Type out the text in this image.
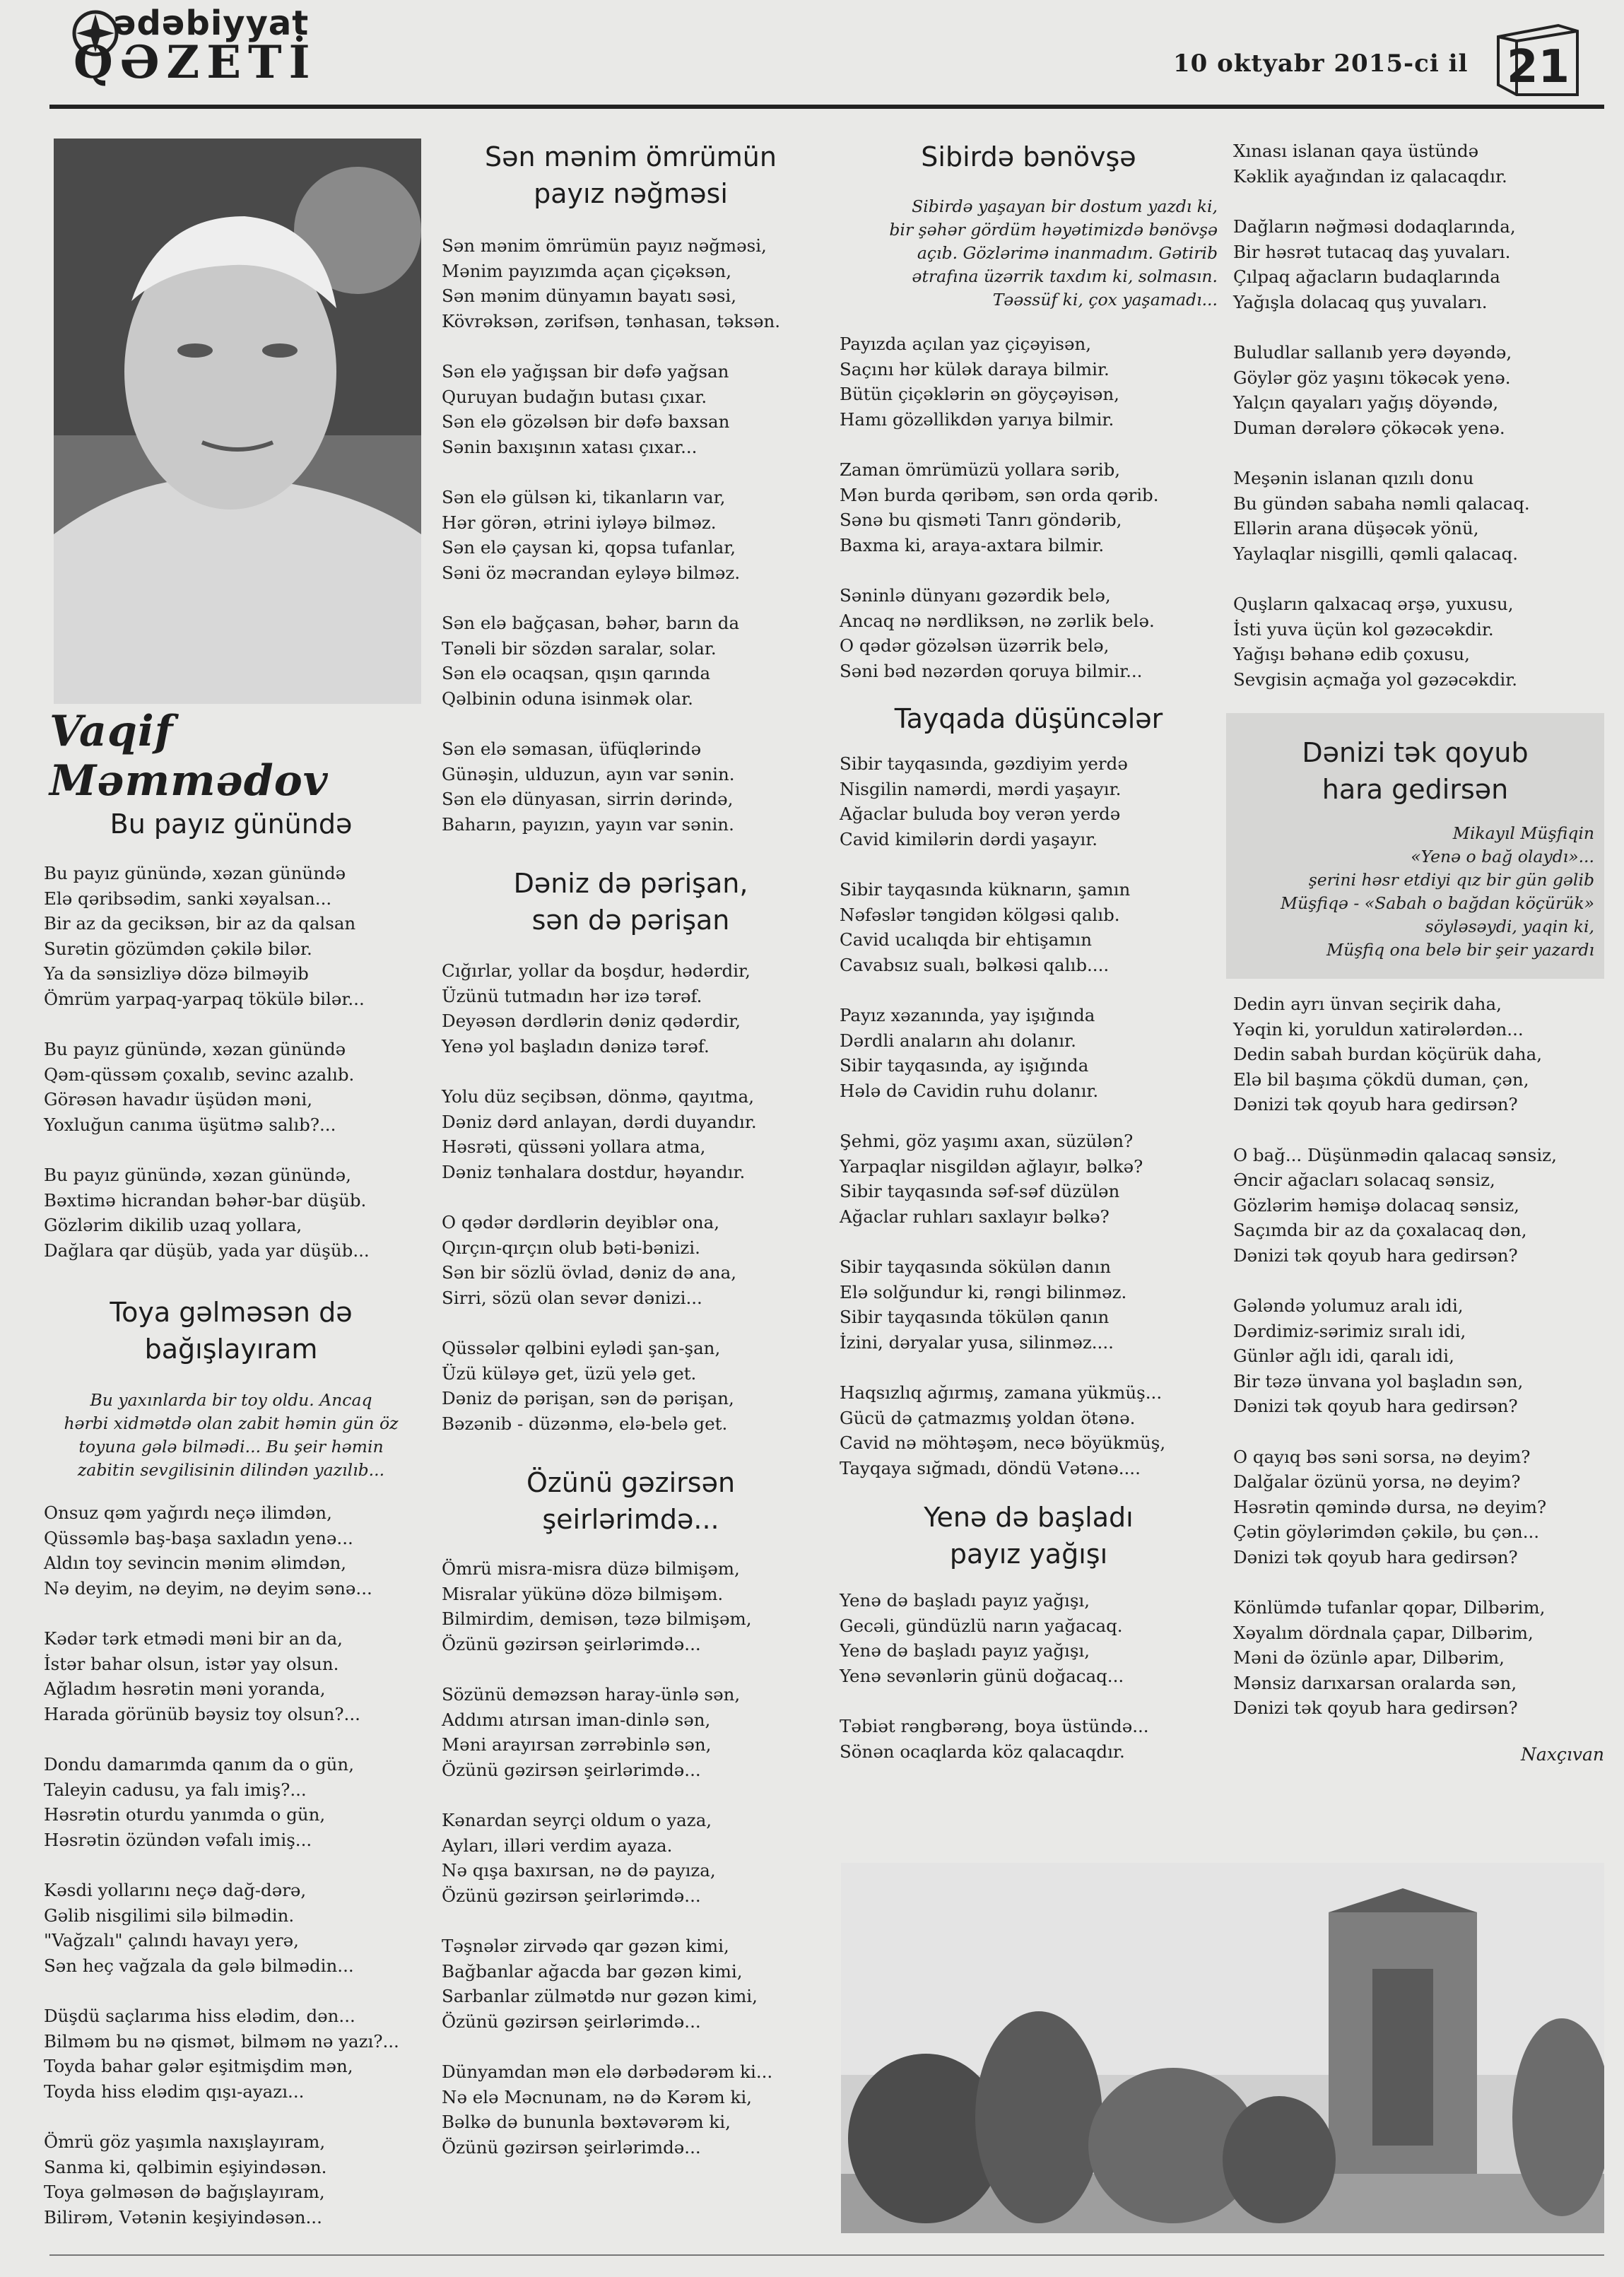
ədəbiyyat
QƏZETİ	10 oktyabr 2015-ci il 21
Vaqif Məmmədov
Bu payız günündə
Bu payız günündə, xəzan günündə
Elə qəribsədim, sanki xəyalsan...
Bir az da geciksən, bir az da qalsan
Surətin gözümdən çəkilə bilər.
Ya da sənsizliyə dözə bilməyib
Ömrüm yarpaq-yarpaq tökülə bilər...
Bu payız günündə, xəzan günündə
Qəm-qüssəm çoxalıb, sevinc azalıb.
Görəsən havadır üşüdən məni,
Yoxluğun canıma üşütmə salıb?...
Bu payız günündə, xəzan günündə,
Bəxtimə hicrandan bəhər-bar düşüb.
Gözlərim dikilib uzaq yollara,
Dağlara qar düşüb, yada yar düşüb...
Toya gəlməsən də
bağışlayıram
Bu yaxınlarda bir toy oldu. Ancaq
hərbi xidmətdə olan zabit həmin gün öz
toyuna gələ bilmədi... Bu şeir həmin
zabitin sevgilisinin dilindən yazılıb...
Onsuz qəm yağırdı neçə ilimdən,
Qüssəmlə baş-başa saxladın yenə...
Aldın toy sevincin mənim əlimdən,
Nə deyim, nə deyim, nə deyim sənə...
Kədər tərk etmədi məni bir an da,
İstər bahar olsun, istər yay olsun.
Ağladım həsrətin məni yoranda,
Harada görünüb bəysiz toy olsun?...
Dondu damarımda qanım da o gün,
Taleyin cadusu, ya falı imiş?...
Həsrətin oturdu yanımda o gün,
Həsrətin özündən vəfalı imiş...
Kəsdi yollarını neçə dağ-dərə,
Gəlib nisgilimi silə bilmədin.
"Vağzalı" çalındı havayı yerə,
Sən heç vağzala da gələ bilmədin...
Düşdü saçlarıma hiss elədim, dən...
Bilməm bu nə qismət, bilməm nə yazı?...
Toyda bahar gələr eşitmişdim mən,
Toyda hiss elədim qışı-ayazı...
Ömrü göz yaşımla naxışlayıram,
Sanma ki, qəlbimin eşiyindəsən.
Toya gəlməsən də bağışlayıram,
Bilirəm, Vətənin keşiyindəsən...
Sən mənim ömrümün
payız nəğməsi
Sən mənim ömrümün payız nəğməsi,
Mənim payızımda açan çiçəksən,
Sən mənim dünyamın bayatı səsi,
Kövrəksən, zərifsən, tənhasan, təksən.
Sən elə yağışsan bir dəfə yağsan
Quruyan budağın butası çıxar.
Sən elə gözəlsən bir dəfə baxsan
Sənin baxışının xatası çıxar...
Sən elə gülsən ki, tikanların var,
Hər görən, ətrini iyləyə bilməz.
Sən elə çaysan ki, qopsa tufanlar,
Səni öz məcrandan eyləyə bilməz.
Sən elə bağçasan, bəhər, barın da
Tənəli bir sözdən saralar, solar.
Sən elə ocaqsan, qışın qarında
Qəlbinin oduna isinmək olar.
Sən elə səmasan, üfüqlərində
Günəşin, ulduzun, ayın var sənin.
Sən elə dünyasan, sirrin dərində,
Baharın, payızın, yayın var sənin.
Dəniz də pərişan,
sən də pərişan
Cığırlar, yollar da boşdur, hədərdir,
Üzünü tutmadın hər izə tərəf.
Deyəsən dərdlərin dəniz qədərdir,
Yenə yol başladın dənizə tərəf.
Yolu düz seçibsən, dönmə, qayıtma,
Dəniz dərd anlayan, dərdi duyandır.
Həsrəti, qüssəni yollara atma,
Dəniz tənhalara dostdur, həyandır.
O qədər dərdlərin deyiblər ona,
Qırçın-qırçın olub bəti-bənizi.
Sən bir sözlü övlad, dəniz də ana,
Sirri, sözü olan sevər dənizi...
Qüssələr qəlbini eylədi şan-şan,
Üzü küləyə get, üzü yelə get.
Dəniz də pərişan, sən də pərişan,
Bəzənib - düzənmə, elə-belə get.
Özünü gəzirsən
şeirlərimdə...
Ömrü misra-misra düzə bilmişəm,
Misralar yükünə dözə bilmişəm.
Bilmirdim, demisən, təzə bilmişəm,
Özünü gəzirsən şeirlərimdə...
Sözünü deməzsən haray-ünlə sən,
Addımı atırsan iman-dinlə sən,
Məni arayırsan zərrəbinlə sən,
Özünü gəzirsən şeirlərimdə...
Kənardan seyrçi oldum o yaza,
Ayları, illəri verdim ayaza.
Nə qışa baxırsan, nə də payıza,
Özünü gəzirsən şeirlərimdə...
Təşnələr zirvədə qar gəzən kimi,
Bağbanlar ağacda bar gəzən kimi,
Sarbanlar zülmətdə nur gəzən kimi,
Özünü gəzirsən şeirlərimdə...
Dünyamdan mən elə dərbədərəm ki...
Nə elə Məcnunam, nə də Kərəm ki,
Bəlkə də bununla bəxtəvərəm ki,
Özünü gəzirsən şeirlərimdə...
Sibirdə bənövşə
Sibirdə yaşayan bir dostum yazdı ki,
bir şəhər gördüm həyətimizdə bənövşə
açıb. Gözlərimə inanmadım. Gətirib
ətrafına üzərrik taxdım ki, solmasın.
Təəssüf ki, çox yaşamadı...
Payızda açılan yaz çiçəyisən,
Saçını hər külək daraya bilmir.
Bütün çiçəklərin ən göyçəyisən,
Hamı gözəllikdən yarıya bilmir.
Zaman ömrümüzü yollara sərib,
Mən burda qəribəm, sən orda qərib.
Sənə bu qisməti Tanrı göndərib,
Baxma ki, araya-axtara bilmir.
Səninlə dünyanı gəzərdik belə,
Ancaq nə nərdliksən, nə zərlik belə.
O qədər gözəlsən üzərrik belə,
Səni bəd nəzərdən qoruya bilmir...
Tayqada düşüncələr
Sibir tayqasında, gəzdiyim yerdə
Nisgilin namərdi, mərdi yaşayır.
Ağaclar buluda boy verən yerdə
Cavid kimilərin dərdi yaşayır.
Sibir tayqasında küknarın, şamın
Nəfəslər təngidən kölgəsi qalıb.
Cavid ucalıqda bir ehtişamın
Cavabsız sualı, bəlkəsi qalıb....
Payız xəzanında, yay işığında
Dərdli anaların ahı dolanır.
Sibir tayqasında, ay işığında
Hələ də Cavidin ruhu dolanır.
Şehmi, göz yaşımı axan, süzülən?
Yarpaqlar nisgildən ağlayır, bəlkə?
Sibir tayqasında səf-səf düzülən
Ağaclar ruhları saxlayır bəlkə?
Sibir tayqasında sökülən danın
Elə solğundur ki, rəngi bilinməz.
Sibir tayqasında tökülən qanın
İzini, dəryalar yusa, silinməz....
Haqsızlıq ağırmış, zamana yükmüş...
Gücü də çatmazmış yoldan ötənə.
Cavid nə möhtəşəm, necə böyükmüş,
Tayqaya sığmadı, döndü Vətənə....
Yenə də başladı
payız yağışı
Yenə də başladı payız yağışı,
Gecəli, gündüzlü narın yağacaq.
Yenə də başladı payız yağışı,
Yenə sevənlərin günü doğacaq...
Təbiət rəngbərəng, boya üstündə...
Sönən ocaqlarda köz qalacaqdır.
Xınası islanan qaya üstündə
Kəklik ayağından iz qalacaqdır.
Dağların nəğməsi dodaqlarında,
Bir həsrət tutacaq daş yuvaları.
Çılpaq ağacların budaqlarında
Yağışla dolacaq quş yuvaları.
Buludlar sallanıb yerə dəyəndə,
Göylər göz yaşını tökəcək yenə.
Yalçın qayaları yağış döyəndə,
Duman dərələrə çökəcək yenə.
Meşənin islanan qızılı donu
Bu gündən sabaha nəmli qalacaq.
Ellərin arana düşəcək yönü,
Yaylaqlar nisgilli, qəmli qalacaq.
Quşların qalxacaq ərşə, yuxusu,
İsti yuva üçün kol gəzəcəkdir.
Yağışı bəhanə edib çoxusu,
Sevgisin açmağa yol gəzəcəkdir.
Dənizi tək qoyub
hara gedirsən
Mikayıl Müşfiqin
«Yenə o bağ olaydı»...
şerini həsr etdiyi qız bir gün gəlib
Müşfiqə - «Sabah o bağdan köçürük»
söyləsəydi, yaqin ki,
Müşfiq ona belə bir şeir yazardı
Dedin ayrı ünvan seçirik daha,
Yəqin ki, yoruldun xatirələrdən...
Dedin sabah burdan köçürük daha,
Elə bil başıma çökdü duman, çən,
Dənizi tək qoyub hara gedirsən?
O bağ... Düşünmədin qalacaq sənsiz,
Əncir ağacları solacaq sənsiz,
Gözlərim həmişə dolacaq sənsiz,
Saçımda bir az da çoxalacaq dən,
Dənizi tək qoyub hara gedirsən?
Gələndə yolumuz aralı idi,
Dərdimiz-sərimiz sıralı idi,
Günlər ağlı idi, qaralı idi,
Bir təzə ünvana yol başladın sən,
Dənizi tək qoyub hara gedirsən?
O qayıq bəs səni sorsa, nə deyim?
Dalğalar özünü yorsa, nə deyim?
Həsrətin qəmində dursa, nə deyim?
Çətin göylərimdən çəkilə, bu çən...
Dənizi tək qoyub hara gedirsən?
Könlümdə tufanlar qopar, Dilbərim,
Xəyalım dördnala çapar, Dilbərim,
Məni də özünlə apar, Dilbərim,
Mənsiz darıxarsan oralarda sən,
Dənizi tək qoyub hara gedirsən?
Naxçıvan
